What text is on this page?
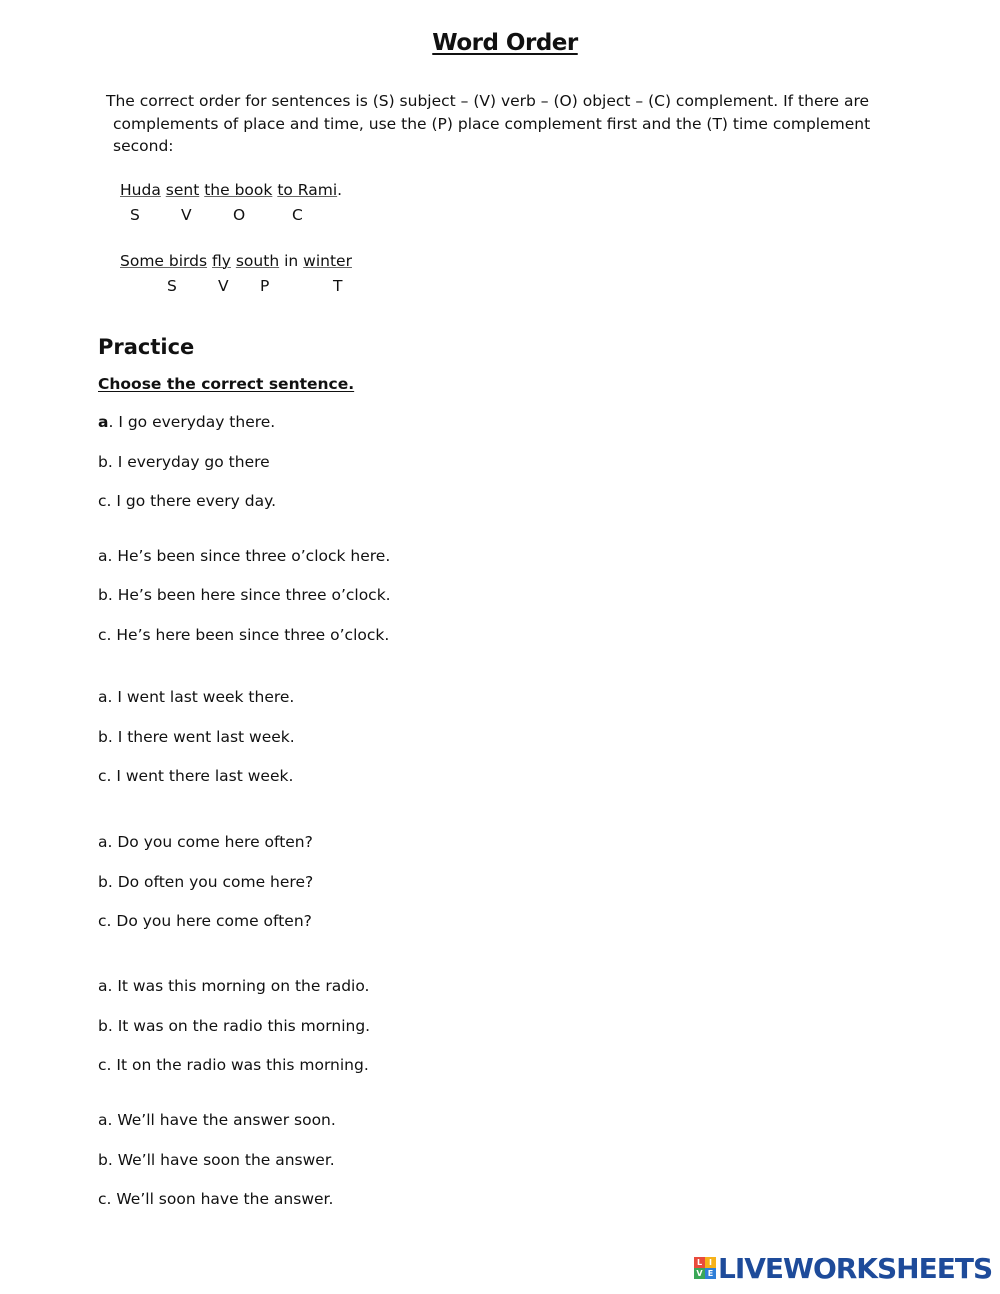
Word Order
The correct order for sentences is (S) subject – (V) verb – (O) object – (C) complement. If there are
complements of place and time, use the (P) place complement first and the (T) time complement
second:
Huda sent the book to Rami.
S	V	O	C
Some birds fly south in winter
S	V P	T
Practice
Choose the correct sentence.
a. I go everyday there.
b. I everyday go there
c. I go there every day.
a. He’s been since three o’clock here.
b. He’s been here since three o’clock.
c. He’s here been since three o’clock.
a. I went last week there.
b. I there went last week.
c. I went there last week.
a. Do you come here often?
b. Do often you come here?
c. Do you here come often?
a. It was this morning on the radio.
b. It was on the radio this morning.
c. It on the radio was this morning.
a. We’ll have the answer soon.
b. We’ll have soon the answer.
c. We’ll soon have the answer.
L I
V E LIVEWORKSHEETS
